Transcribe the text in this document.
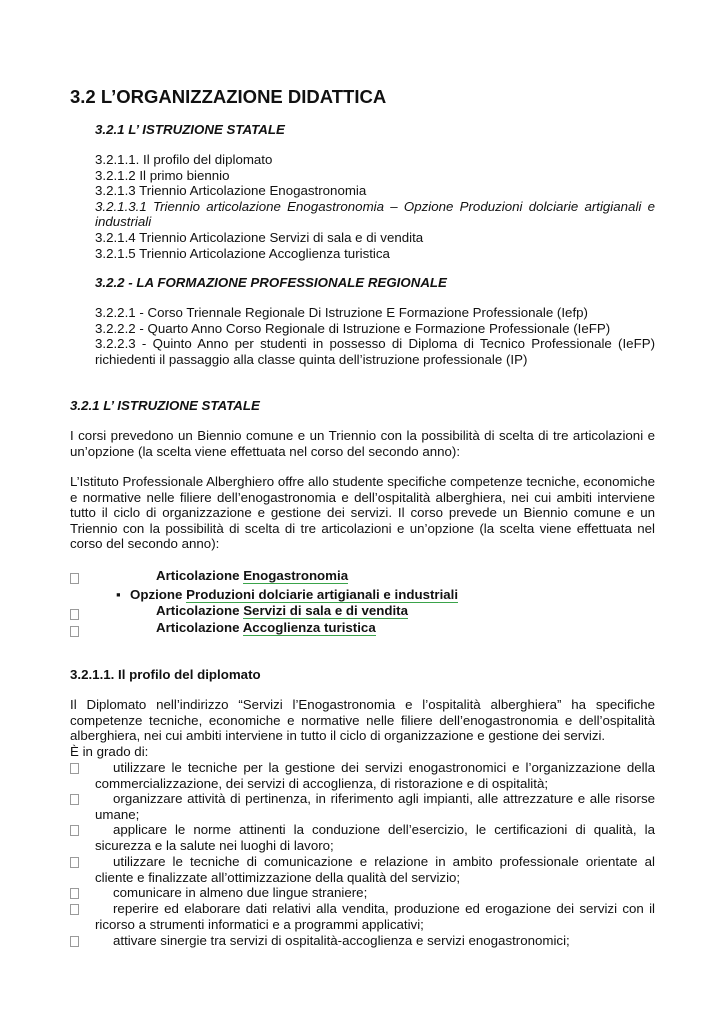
3.2 L’ORGANIZZAZIONE DIDATTICA
3.2.1 L’ ISTRUZIONE STATALE

3.2.1.1. Il profilo del diplomato

3.2.1.2 Il primo biennio

3.2.1.3 Triennio Articolazione Enogastronomia

3.2.1.3.1 Triennio articolazione Enogastronomia – Opzione Produzioni dolciarie artigianali e industriali

3.2.1.4 Triennio Articolazione Servizi di sala e di vendita

3.2.1.5 Triennio Articolazione Accoglienza turistica

3.2.2 - LA FORMAZIONE PROFESSIONALE REGIONALE

3.2.2.1 - Corso Triennale Regionale Di Istruzione E Formazione Professionale (Iefp)

3.2.2.2 - Quarto Anno Corso Regionale di Istruzione e Formazione Professionale (IeFP)

3.2.2.3 - Quinto Anno per studenti in possesso di Diploma di Tecnico Professionale (IeFP) richiedenti il passaggio alla classe quinta dell’istruzione professionale (IP)

3.2.1 L’ ISTRUZIONE STATALE
I corsi prevedono un Biennio comune e un Triennio con la possibilità di scelta di tre articolazioni e un’opzione (la scelta viene effettuata nel corso del secondo anno):
L’Istituto Professionale Alberghiero offre allo studente specifiche competenze tecniche, economiche e normative nelle filiere dell’enogastronomia e dell’ospitalità alberghiera, nei cui ambiti interviene tutto il ciclo di organizzazione e gestione dei servizi. Il corso prevede un Biennio comune e un Triennio con la possibilità di scelta di tre articolazioni e un’opzione (la scelta viene effettuata nel corso del secondo anno):
Articolazione Enogastronomia
▪ Opzione Produzioni dolciarie artigianali e industriali
Articolazione Servizi di sala e di vendita
Articolazione Accoglienza turistica
3.2.1.1. Il profilo del diplomato
Il Diplomato nell’indirizzo “Servizi l’Enogastronomia e l’ospitalità alberghiera” ha specifiche competenze tecniche, economiche e normative nelle filiere dell’enogastronomia e dell’ospitalità alberghiera, nei cui ambiti interviene in tutto il ciclo di organizzazione e gestione dei servizi.
È in grado di:
utilizzare le tecniche per la gestione dei servizi enogastronomici e l’organizzazione della commercializzazione, dei servizi di accoglienza, di ristorazione e di ospitalità;
organizzare attività di pertinenza, in riferimento agli impianti, alle attrezzature e alle risorse umane;
applicare le norme attinenti la conduzione dell’esercizio, le certificazioni di qualità, la sicurezza e la salute nei luoghi di lavoro;
utilizzare le tecniche di comunicazione e relazione in ambito professionale orientate al cliente e finalizzate all’ottimizzazione della qualità del servizio;
comunicare in almeno due lingue straniere;
reperire ed elaborare dati relativi alla vendita, produzione ed erogazione dei servizi con il ricorso a strumenti informatici e a programmi applicativi;
attivare sinergie tra servizi di ospitalità-accoglienza e servizi enogastronomici;
